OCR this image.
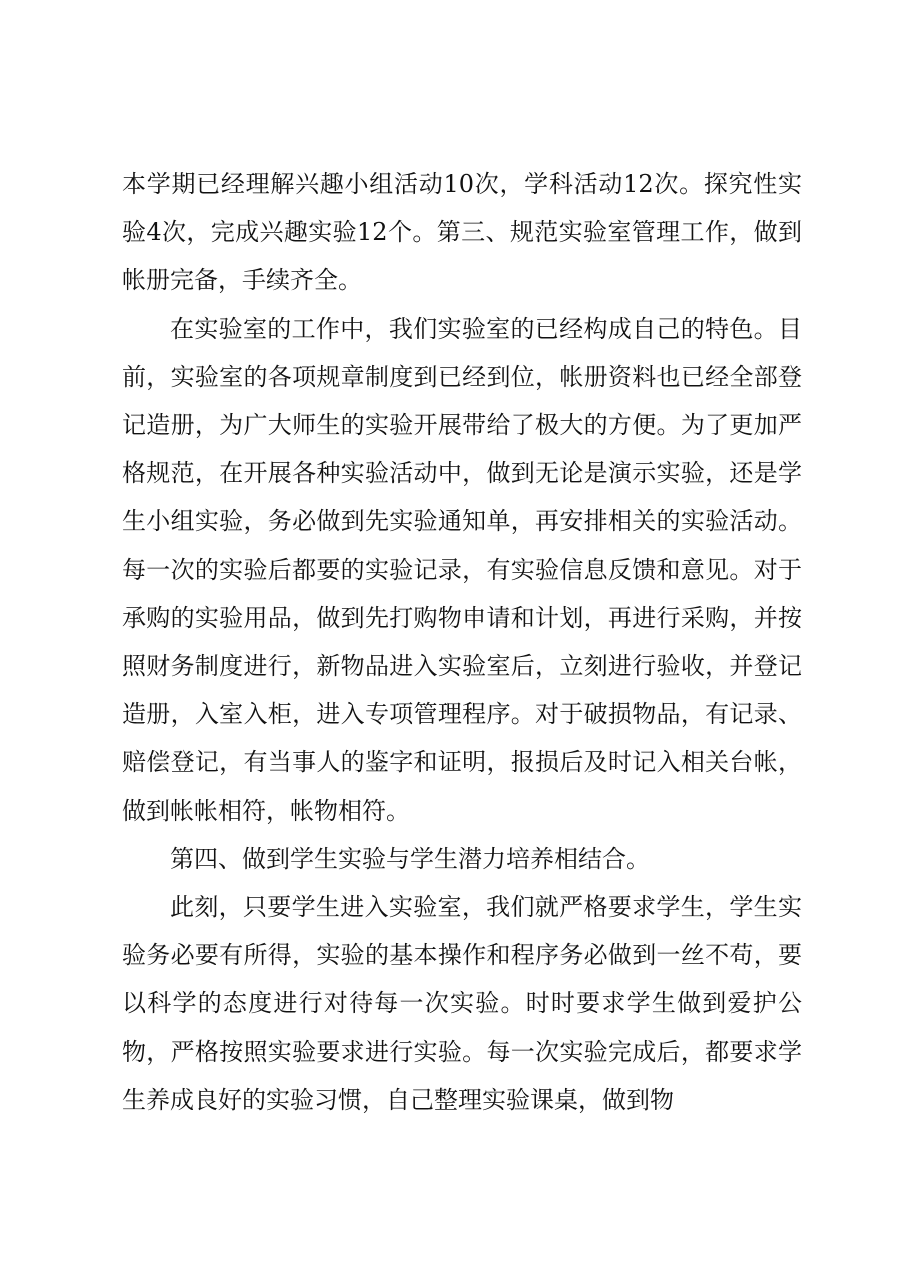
本学期已经理解兴趣小组活动10次，学科活动12次。探究性实验4次，完成兴趣实验12个。第三、规范实验室管理工作，做到帐册完备，手续齐全。

在实验室的工作中，我们实验室的已经构成自己的特色。目前，实验室的各项规章制度到已经到位，帐册资料也已经全部登记造册，为广大师生的实验开展带给了极大的方便。为了更加严格规范，在开展各种实验活动中，做到无论是演示实验，还是学生小组实验，务必做到先实验通知单，再安排相关的实验活动。每一次的实验后都要的实验记录，有实验信息反馈和意见。对于承购的实验用品，做到先打购物申请和计划，再进行采购，并按照财务制度进行，新物品进入实验室后，立刻进行验收，并登记造册，入室入柜，进入专项管理程序。对于破损物品，有记录、赔偿登记，有当事人的鉴字和证明，报损后及时记入相关台帐，做到帐帐相符，帐物相符。

第四、做到学生实验与学生潜力培养相结合。

此刻，只要学生进入实验室，我们就严格要求学生，学生实验务必要有所得，实验的基本操作和程序务必做到一丝不苟，要以科学的态度进行对待每一次实验。时时要求学生做到爱护公物，严格按照实验要求进行实验。每一次实验完成后，都要求学生养成良好的实验习惯，自己整理实验课桌，做到物
